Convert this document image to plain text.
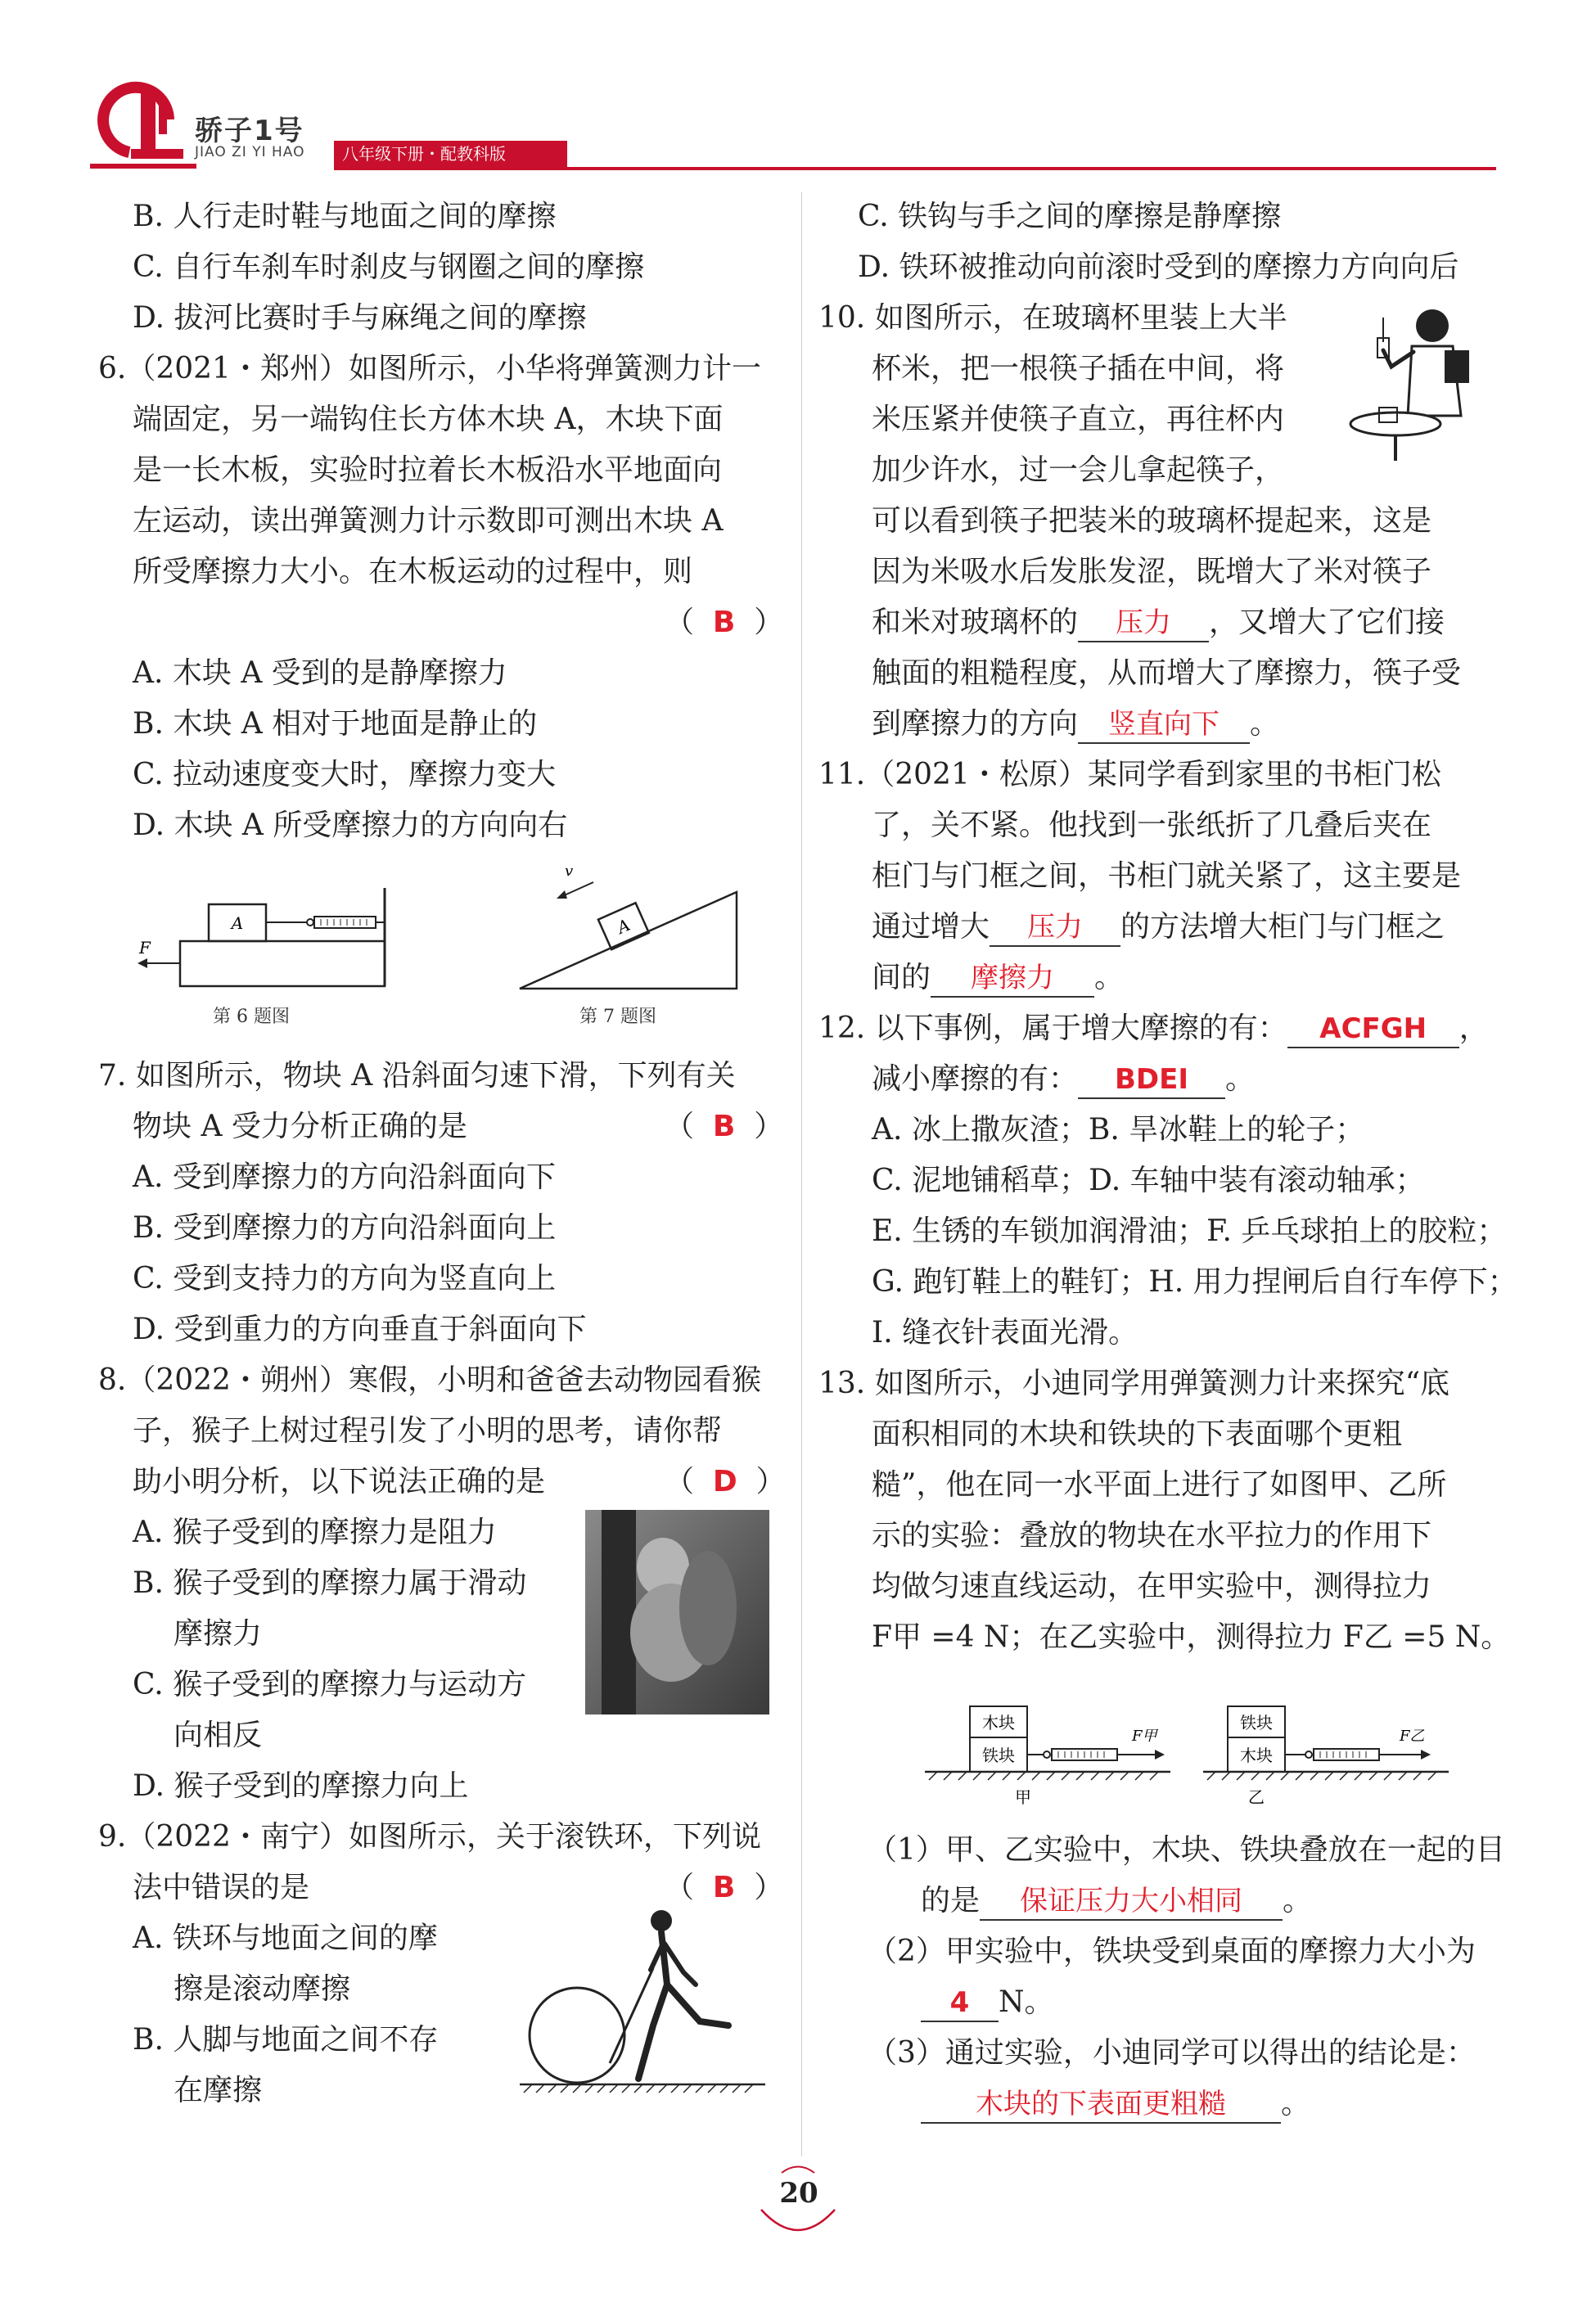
骄子1号
JIAO ZI YI HAO	八年级下册・配教科版
B. 人行走时鞋与地面之间的摩擦
C. 自行车刹车时刹皮与钢圈之间的摩擦
D. 拔河比赛时手与麻绳之间的摩擦
6.（2021・郑州）如图所示，小华将弹簧测力计一
端固定，另一端钩住长方体木块 A，木块下面
是一长木板，实验时拉着长木板沿水平地面向
左运动，读出弹簧测力计示数即可测出木块 A
所受摩擦力大小。在木板运动的过程中，则
（  B  ）
A. 木块 A 受到的是静摩擦力
B. 木块 A 相对于地面是静止的
C. 拉动速度变大时，摩擦力变大
D. 木块 A 所受摩擦力的方向向右
A
F
第 6 题图
A
v
第 7 题图
7. 如图所示，物块 A 沿斜面匀速下滑，下列有关
物块 A 受力分析正确的是	（  B  ）
A. 受到摩擦力的方向沿斜面向下
B. 受到摩擦力的方向沿斜面向上
C. 受到支持力的方向为竖直向上
D. 受到重力的方向垂直于斜面向下
8.（2022・朔州）寒假，小明和爸爸去动物园看猴
子，猴子上树过程引发了小明的思考，请你帮
助小明分析，以下说法正确的是	（  D  ）
A. 猴子受到的摩擦力是阻力
B. 猴子受到的摩擦力属于滑动
摩擦力
C. 猴子受到的摩擦力与运动方
向相反
D. 猴子受到的摩擦力向上
9.（2022・南宁）如图所示，关于滚铁环，下列说
法中错误的是	（  B  ）
A. 铁环与地面之间的摩
擦是滚动摩擦
B. 人脚与地面之间不存
在摩擦
C. 铁钩与手之间的摩擦是静摩擦
D. 铁环被推动向前滚时受到的摩擦力方向向后
10. 如图所示，在玻璃杯里装上大半
杯米，把一根筷子插在中间，将
米压紧并使筷子直立，再往杯内
加少许水，过一会儿拿起筷子，
可以看到筷子把装米的玻璃杯提起来，这是
因为米吸水后发胀发涩，既增大了米对筷子
和米对玻璃杯的 压力 ，又增大了它们接
触面的粗糙程度，从而增大了摩擦力，筷子受
到摩擦力的方向 竖直向下 。
11.（2021・松原）某同学看到家里的书柜门松
了，关不紧。他找到一张纸折了几叠后夹在
柜门与门框之间，书柜门就关紧了，这主要是
通过增大 压力 的方法增大柜门与门框之
间的 摩擦力 。
12. 以下事例，属于增大摩擦的有： ACFGH ，
减小摩擦的有： BDEI 。
A. 冰上撒灰渣；B. 旱冰鞋上的轮子；
C. 泥地铺稻草；D. 车轴中装有滚动轴承；
E. 生锈的车锁加润滑油；F. 乒乓球拍上的胶粒；
G. 跑钉鞋上的鞋钉；H. 用力捏闸后自行车停下；
I. 缝衣针表面光滑。
13. 如图所示，小迪同学用弹簧测力计来探究“底
面积相同的木块和铁块的下表面哪个更粗
糙”，他在同一水平面上进行了如图甲、乙所
示的实验：叠放的物块在水平拉力的作用下
均做匀速直线运动，在甲实验中，测得拉力
F甲 =4 N；在乙实验中，测得拉力 F乙 =5 N。
木块
铁块
F甲
甲
铁块
木块
F乙
乙
（1）甲、乙实验中，木块、铁块叠放在一起的目
的是 保证压力大小相同 。
（2）甲实验中，铁块受到桌面的摩擦力大小为
4 N。
（3）通过实验，小迪同学可以得出的结论是：
木块的下表面更粗糙 。
20
